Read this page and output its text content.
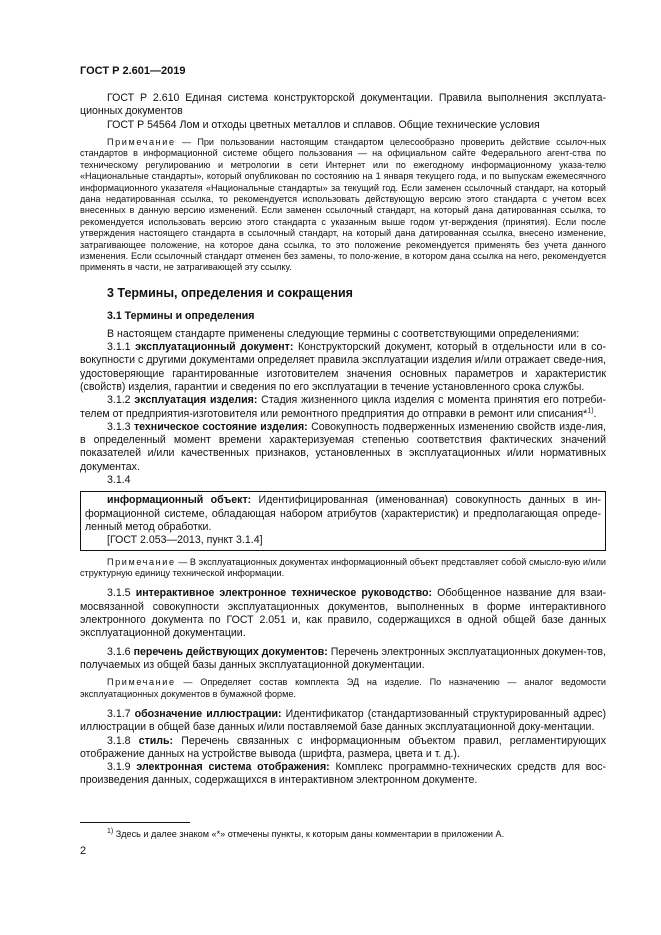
ГОСТ Р 2.601—2019

ГОСТ Р 2.610 Единая система конструкторской документации. Правила выполнения эксплуата-ционных документов

ГОСТ Р 54564 Лом и отходы цветных металлов и сплавов. Общие технические условия

Примечание — При пользовании настоящим стандартом целесообразно проверить действие ссылоч-ных стандартов в информационной системе общего пользования — на официальном сайте Федерального агент-ства по техническому регулированию и метрологии в сети Интернет или по ежегодному информационному указа-телю «Национальные стандарты», который опубликован по состоянию на 1 января текущего года, и по выпускам ежемесячного информационного указателя «Национальные стандарты» за текущий год. Если заменен ссылочный стандарт, на который дана недатированная ссылка, то рекомендуется использовать действующую версию этого стандарта с учетом всех внесенных в данную версию изменений. Если заменен ссылочный стандарт, на который дана датированная ссылка, то рекомендуется использовать версию этого стандарта с указанным выше годом ут-верждения (принятия). Если после утверждения настоящего стандарта в ссылочный стандарт, на который дана датированная ссылка, внесено изменение, затрагивающее положение, на которое дана ссылка, то это положение рекомендуется применять без учета данного изменения. Если ссылочный стандарт отменен без замены, то поло-жение, в котором дана ссылка на него, рекомендуется применять в части, не затрагивающей эту ссылку.

3 Термины, определения и сокращения
3.1 Термины и определения

В настоящем стандарте применены следующие термины с соответствующими определениями:

3.1.1 эксплуатационный документ: Конструкторский документ, который в отдельности или в со-вокупности с другими документами определяет правила эксплуатации изделия и/или отражает сведе-ния, удостоверяющие гарантированные изготовителем значения основных параметров и характеристик (свойств) изделия, гарантии и сведения по его эксплуатации в течение установленного срока службы.

3.1.2 эксплуатация изделия: Стадия жизненного цикла изделия с момента принятия его потреби-телем от предприятия-изготовителя или ремонтного предприятия до отправки в ремонт или списания*$^{1)}$.

3.1.3 техническое состояние изделия: Совокупность подверженных изменению свойств изде-лия, в определенный момент времени характеризуемая степенью соответствия фактических значений показателей и/или качественных признаков, установленных в эксплуатационных и/или нормативных документах.

3.1.4

информационный объект: Идентифицированная (именованная) совокупность данных в ин-формационной системе, обладающая набором атрибутов (характеристик) и предполагающая опреде-ленный метод обработки.

[ГОСТ 2.053—2013, пункт 3.1.4]

Примечание — В эксплуатационных документах информационный объект представляет собой смысло-вую и/или структурную единицу технической информации.

3.1.5 интерактивное электронное техническое руководство: Обобщенное название для взаи-мосвязанной совокупности эксплуатационных документов, выполненных в форме интерактивного электронного документа по ГОСТ 2.051 и, как правило, содержащихся в одной общей базе данных эксплуатационной документации.

3.1.6 перечень действующих документов: Перечень электронных эксплуатационных докумен-тов, получаемых из общей базы данных эксплуатационной документации.

Примечание — Определяет состав комплекта ЭД на изделие. По назначению — аналог ведомости эксплуатационных документов в бумажной форме.

3.1.7 обозначение иллюстрации: Идентификатор (стандартизованный структурированный адрес) иллюстрации в общей базе данных и/или поставляемой базе данных эксплуатационной доку-ментации.

3.1.8 стиль: Перечень связанных с информационным объектом правил, регламентирующих отображение данных на устройстве вывода (шрифта, размера, цвета и т. д.).

3.1.9 электронная система отображения: Комплекс программно-технических средств для вос-произведения данных, содержащихся в интерактивном электронном документе.

$^{1)}$ Здесь и далее знаком «*» отмечены пункты, к которым даны комментарии в приложении А.

2
